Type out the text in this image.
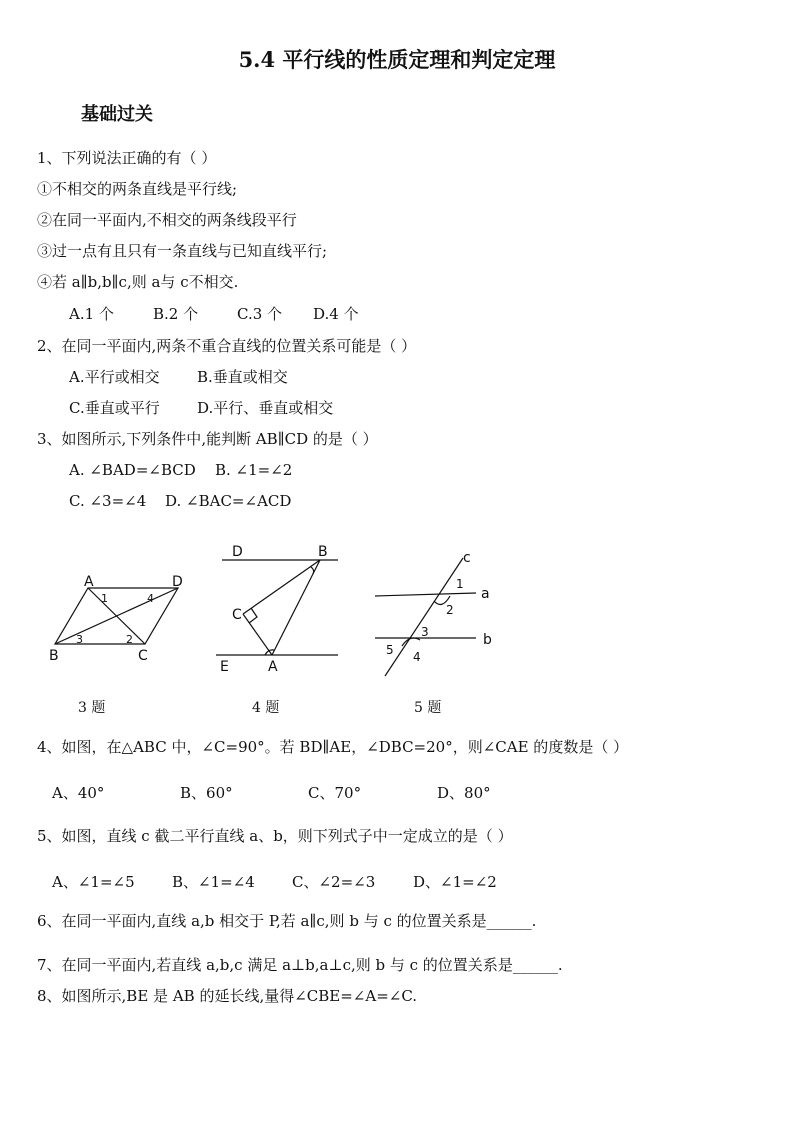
5.4 平行线的性质定理和判定定理
基础过关
1、下列说法正确的有（ ）
①不相交的两条直线是平行线;
②在同一平面内,不相交的两条线段平行
③过一点有且只有一条直线与已知直线平行;
④若 a∥b,b∥c,则 a与 c不相交.
A.1 个	B.2 个	C.3 个 D.4 个
2、在同一平面内,两条不重合直线的位置关系可能是（ ）
A.平行或相交 B.垂直或相交
C.垂直或平行 D.平行、垂直或相交
3、如图所示,下列条件中,能判断 AB∥CD 的是（ ）
A. ∠BAD=∠BCD B. ∠1=∠2
C. ∠3=∠4 D. ∠BAC=∠ACD
A	D
B	C
1	4
3	2
D	B
C
E	A
c
a
b
1
2
3
5 4
3 题	4 题	5 题
4、如图，在△ABC 中，∠C=90°。若 BD∥AE，∠DBC=20°，则∠CAE 的度数是（ ）
A、40°	B、60°	C、70°	D、80°
5、如图，直线 c 截二平行直线 a、b，则下列式子中一定成立的是（ ）
A、∠1=∠5 B、∠1=∠4 C、∠2=∠3	D、∠1=∠2
6、在同一平面内,直线 a,b 相交于 P,若 a∥c,则 b 与 c 的位置关系是______.
7、在同一平面内,若直线 a,b,c 满足 a⊥b,a⊥c,则 b 与 c 的位置关系是______.
8、如图所示,BE 是 AB 的延长线,量得∠CBE=∠A=∠C.
